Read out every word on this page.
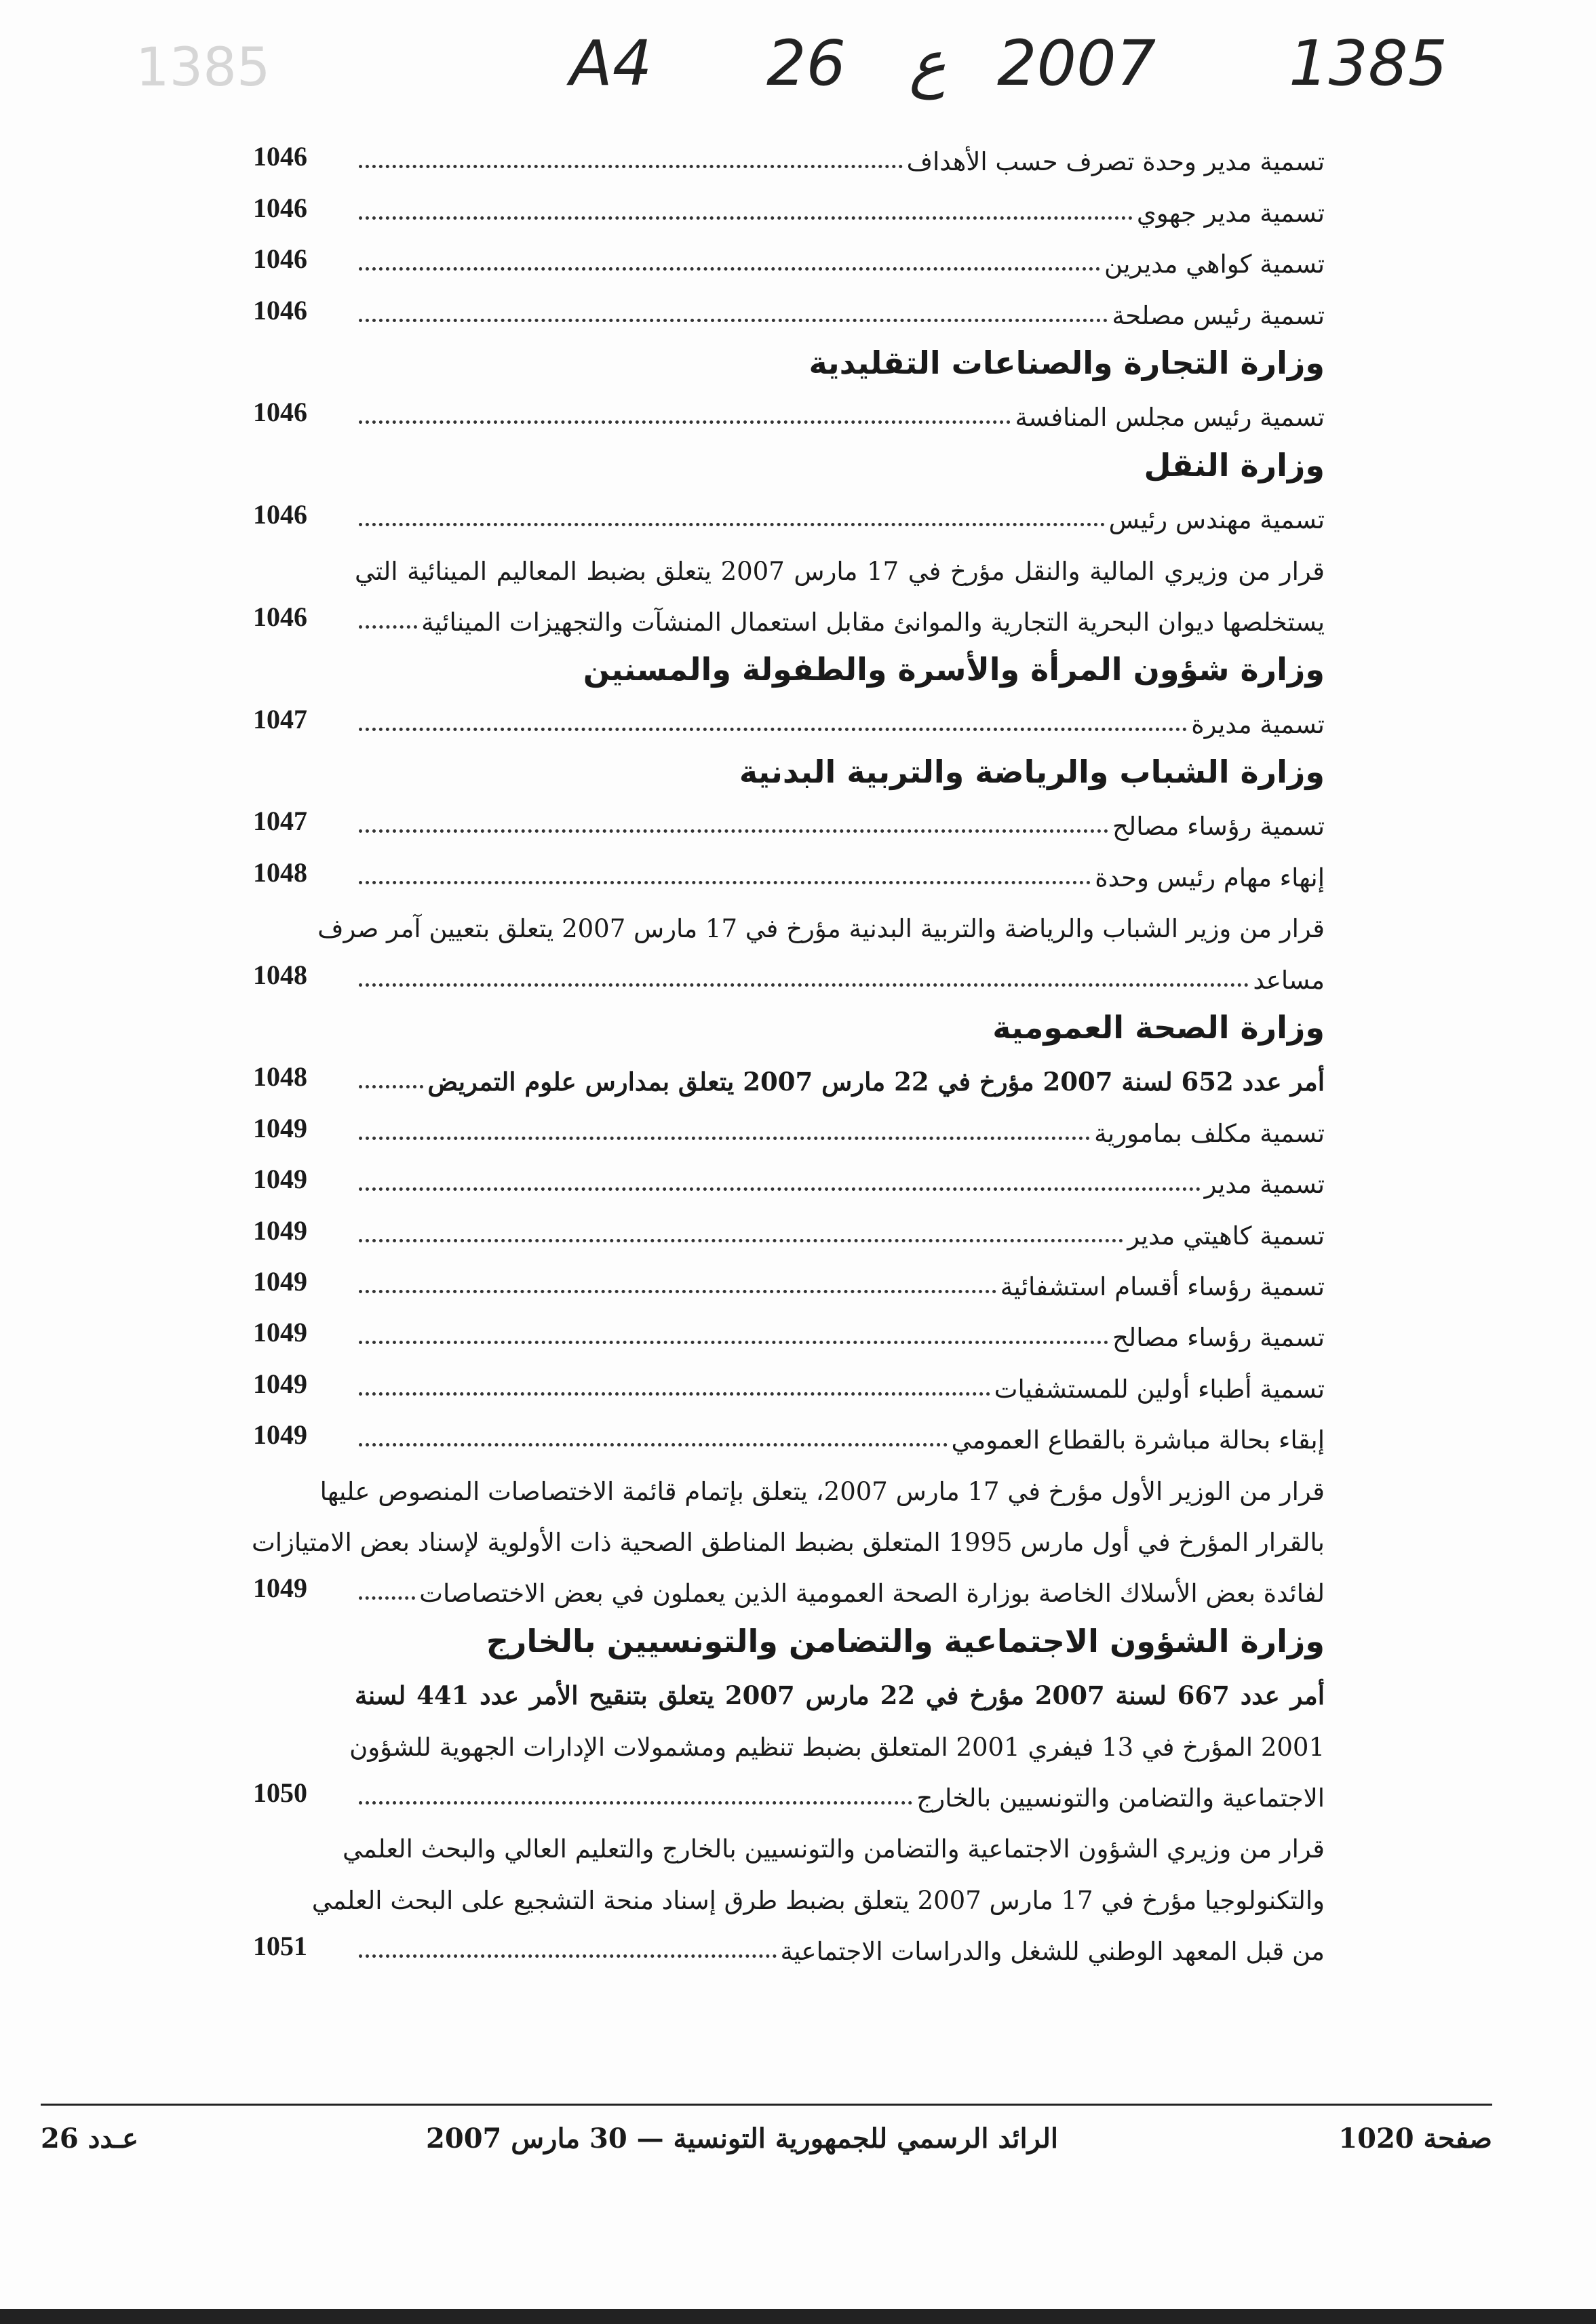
1385	A4 26 ع 2007 1385
تسمية مدير وحدة تصرف حسب الأهداف
1046
تسمية مدير جهوي
1046
تسمية كواهي مديرين
1046
تسمية رئيس مصلحة
1046
وزارة التجارة والصناعات التقليدية
تسمية رئيس مجلس المنافسة
1046
وزارة النقل
تسمية مهندس رئيس
1046
قرار من وزيري المالية والنقل مؤرخ في 17 مارس 2007 يتعلق بضبط المعاليم المينائية التي
يستخلصها ديوان البحرية التجارية والموانئ مقابل استعمال المنشآت والتجهيزات المينائية
1046
وزارة شؤون المرأة والأسرة والطفولة والمسنين
تسمية مديرة
1047
وزارة الشباب والرياضة والتربية البدنية
تسمية رؤساء مصالح
1047
إنهاء مهام رئيس وحدة
1048
قرار من وزير الشباب والرياضة والتربية البدنية مؤرخ في 17 مارس 2007 يتعلق بتعيين آمر صرف
مساعد
1048
وزارة الصحة العمومية
أمر عدد 652 لسنة 2007 مؤرخ في 22 مارس 2007 يتعلق بمدارس علوم التمريض
1048
تسمية مكلف بمامورية
1049
تسمية مدير
1049
تسمية كاهيتي مدير
1049
تسمية رؤساء أقسام استشفائية
1049
تسمية رؤساء مصالح
1049
تسمية أطباء أولين للمستشفيات
1049
إبقاء بحالة مباشرة بالقطاع العمومي
1049
قرار من الوزير الأول مؤرخ في 17 مارس 2007، يتعلق بإتمام قائمة الاختصاصات المنصوص عليها
بالقرار المؤرخ في أول مارس 1995 المتعلق بضبط المناطق الصحية ذات الأولوية لإسناد بعض الامتيازات
لفائدة بعض الأسلاك الخاصة بوزارة الصحة العمومية الذين يعملون في بعض الاختصاصات
1049
وزارة الشؤون الاجتماعية والتضامن والتونسيين بالخارج
أمر عدد 667 لسنة 2007 مؤرخ في 22 مارس 2007 يتعلق بتنقيح الأمر عدد 441 لسنة
2001 المؤرخ في 13 فيفري 2001 المتعلق بضبط تنظيم ومشمولات الإدارات الجهوية للشؤون
الاجتماعية والتضامن والتونسيين بالخارج
1050
قرار من وزيري الشؤون الاجتماعية والتضامن والتونسيين بالخارج والتعليم العالي والبحث العلمي
والتكنولوجيا مؤرخ في 17 مارس 2007 يتعلق بضبط طرق إسناد منحة التشجيع على البحث العلمي
من قبل المعهد الوطني للشغل والدراسات الاجتماعية
1051
صفحة 1020
الرائد الرسمي للجمهورية التونسية — 30 مارس 2007
عـدد 26
